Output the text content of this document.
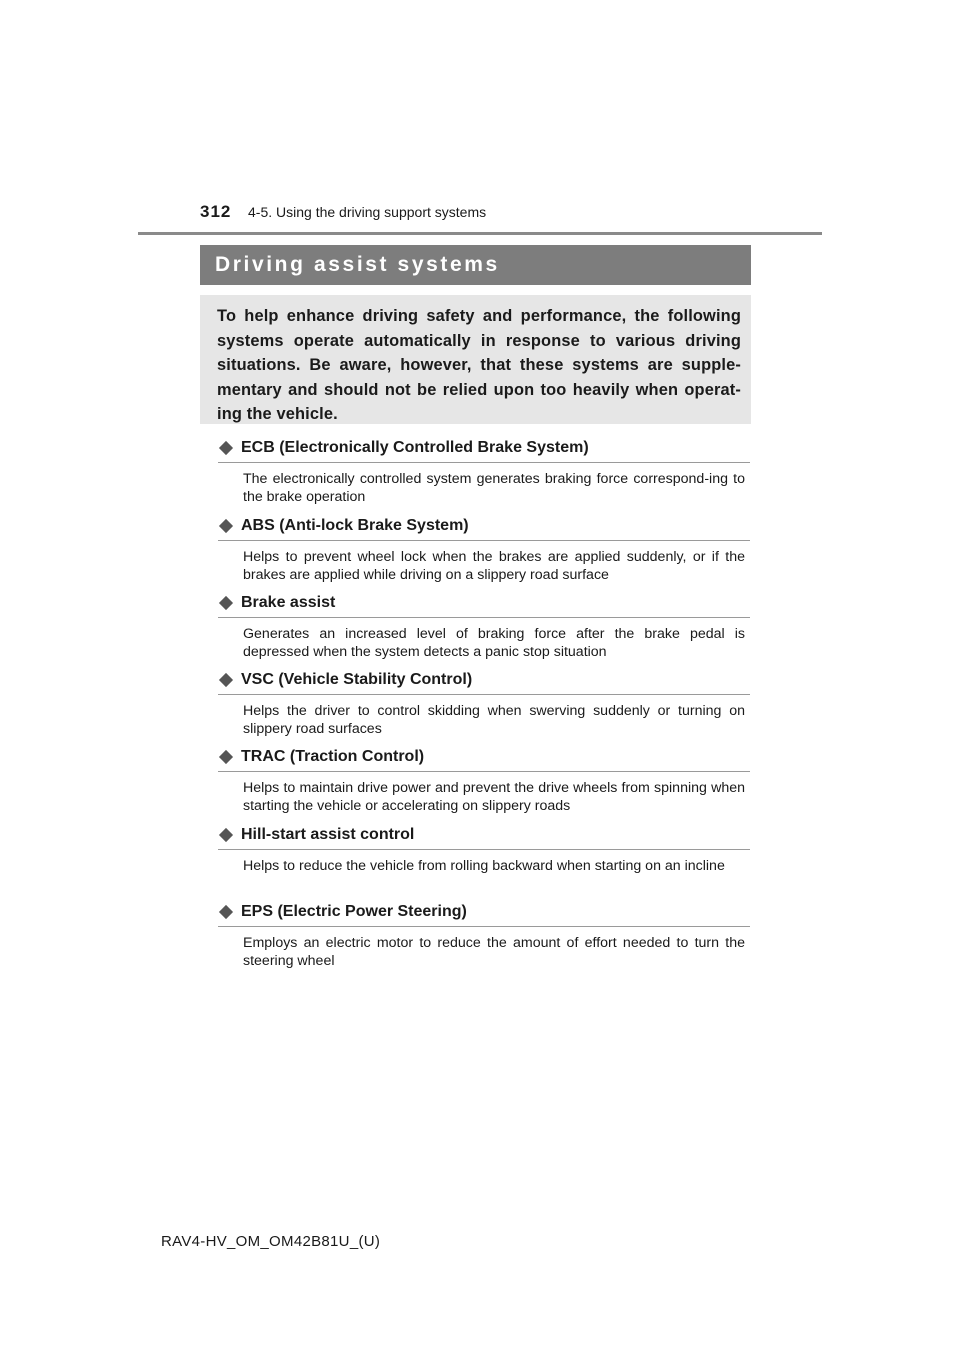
312	4-5. Using the driving support systems
Driving assist systems
To help enhance driving safety and performance, the following systems operate automatically in response to various driving situations. Be aware, however, that these systems are supple-mentary and should not be relied upon too heavily when operat-ing the vehicle.
ECB (Electronically Controlled Brake System)
The electronically controlled system generates braking force correspond-ing to the brake operation
ABS (Anti-lock Brake System)
Helps to prevent wheel lock when the brakes are applied suddenly, or if the brakes are applied while driving on a slippery road surface
Brake assist
Generates an increased level of braking force after the brake pedal is depressed when the system detects a panic stop situation
VSC (Vehicle Stability Control)
Helps the driver to control skidding when swerving suddenly or turning on slippery road surfaces
TRAC (Traction Control)
Helps to maintain drive power and prevent the drive wheels from spinning when starting the vehicle or accelerating on slippery roads
Hill-start assist control
Helps to reduce the vehicle from rolling backward when starting on an incline
EPS (Electric Power Steering)
Employs an electric motor to reduce the amount of effort needed to turn the steering wheel
RAV4-HV_OM_OM42B81U_(U)
